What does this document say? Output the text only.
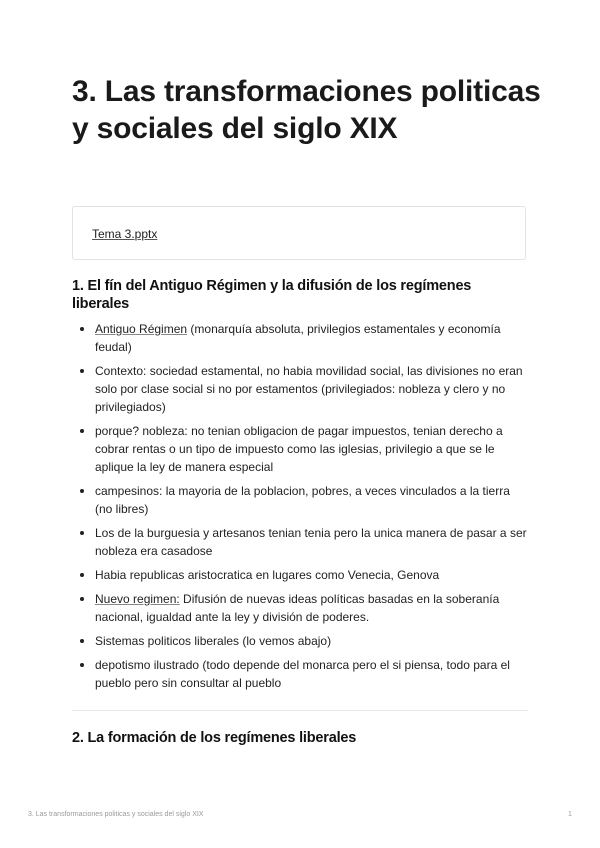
3. Las transformaciones politicas y sociales del siglo XIX
Tema 3.pptx
1. El fín del Antiguo Régimen y la difusión de los regímenes liberales
Antiguo Régimen (monarquía absoluta, privilegios estamentales y economía feudal)
Contexto: sociedad estamental, no habia movilidad social, las divisiones no eran solo por clase social si no por estamentos (privilegiados: nobleza y clero y no privilegiados)
porque? nobleza: no tenian obligacion de pagar impuestos, tenian derecho a cobrar rentas o un tipo de impuesto como las iglesias, privilegio a que se le aplique la ley de manera especial
campesinos: la mayoria de la poblacion, pobres, a veces vinculados a la tierra (no libres)
Los de la burguesia y artesanos tenian tenia pero la unica manera de pasar a ser nobleza era casadose
Habia republicas aristocratica en lugares como Venecia, Genova
Nuevo regimen: Difusión de nuevas ideas políticas basadas en la soberanía nacional, igualdad ante la ley y división de poderes.
Sistemas politicos liberales (lo vemos abajo)
depotismo ilustrado (todo depende del monarca pero el si piensa, todo para el pueblo pero sin consultar al pueblo
2. La formación de los regímenes liberales
3. Las transformaciones politicas y sociales del siglo XIX	1
